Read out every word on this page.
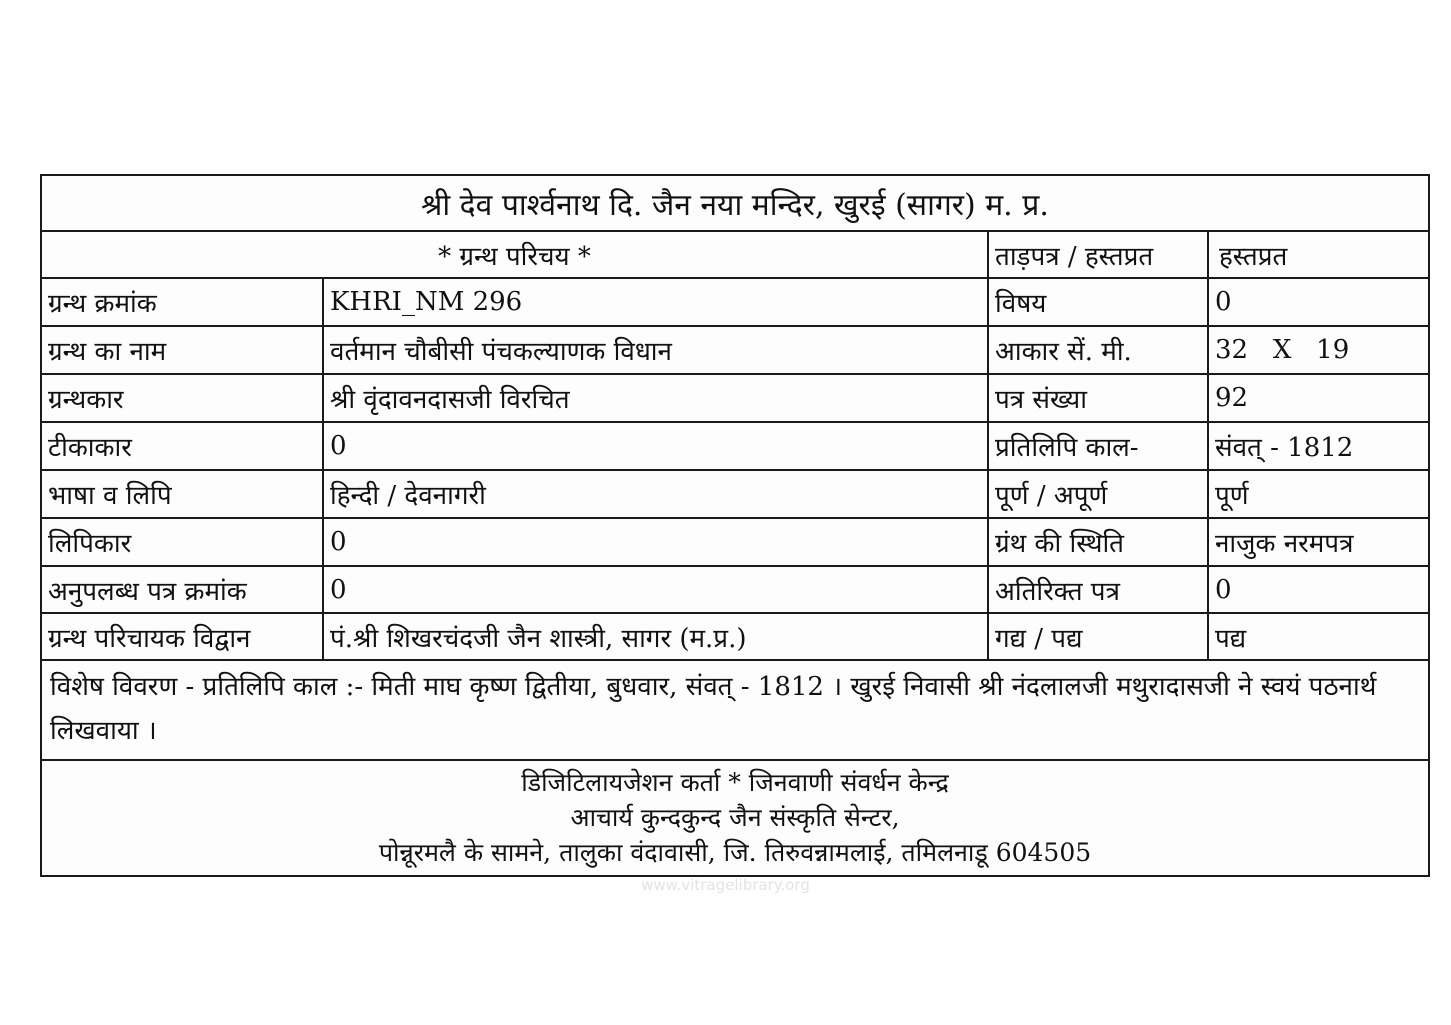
श्री देव पार्श्वनाथ दि. जैन नया मन्दिर, खुरई (सागर) म. प्र.
* ग्रन्थ परिचय *	ताड़पत्र / हस्तप्रत	हस्तप्रत
ग्रन्थ क्रमांक	KHRI_NM 296	विषय	0
ग्रन्थ का नाम	वर्तमान चौबीसी पंचकल्याणक विधान	आकार सें. मी.	32   X   19
ग्रन्थकार	श्री वृंदावनदासजी विरचित	पत्र संख्या	92
टीकाकार	0	प्रतिलिपि काल-	संवत् - 1812
भाषा व लिपि	हिन्दी / देवनागरी	पूर्ण / अपूर्ण	पूर्ण
लिपिकार	0	ग्रंथ की स्थिति	नाजुक नरमपत्र
अनुपलब्ध पत्र क्रमांक	0	अतिरिक्त पत्र	0
ग्रन्थ परिचायक विद्वान	पं.श्री शिखरचंदजी जैन शास्त्री, सागर (म.प्र.)	गद्य / पद्य	पद्य
विशेष विवरण - प्रतिलिपि काल :- मिती माघ कृष्ण द्वितीया, बुधवार, संवत् - 1812 । खुरई निवासी श्री नंदलालजी मथुरादासजी ने स्वयं पठनार्थ लिखवाया ।
डिजिटिलायजेशन कर्ता * जिनवाणी संवर्धन केन्द्र
आचार्य कुन्दकुन्द जैन संस्कृति सेन्टर,
पोन्नूरमलै के सामने, तालुका वंदावासी, जि. तिरुवन्नामलाई, तमिलनाडू 604505
www.vitragelibrary.org
